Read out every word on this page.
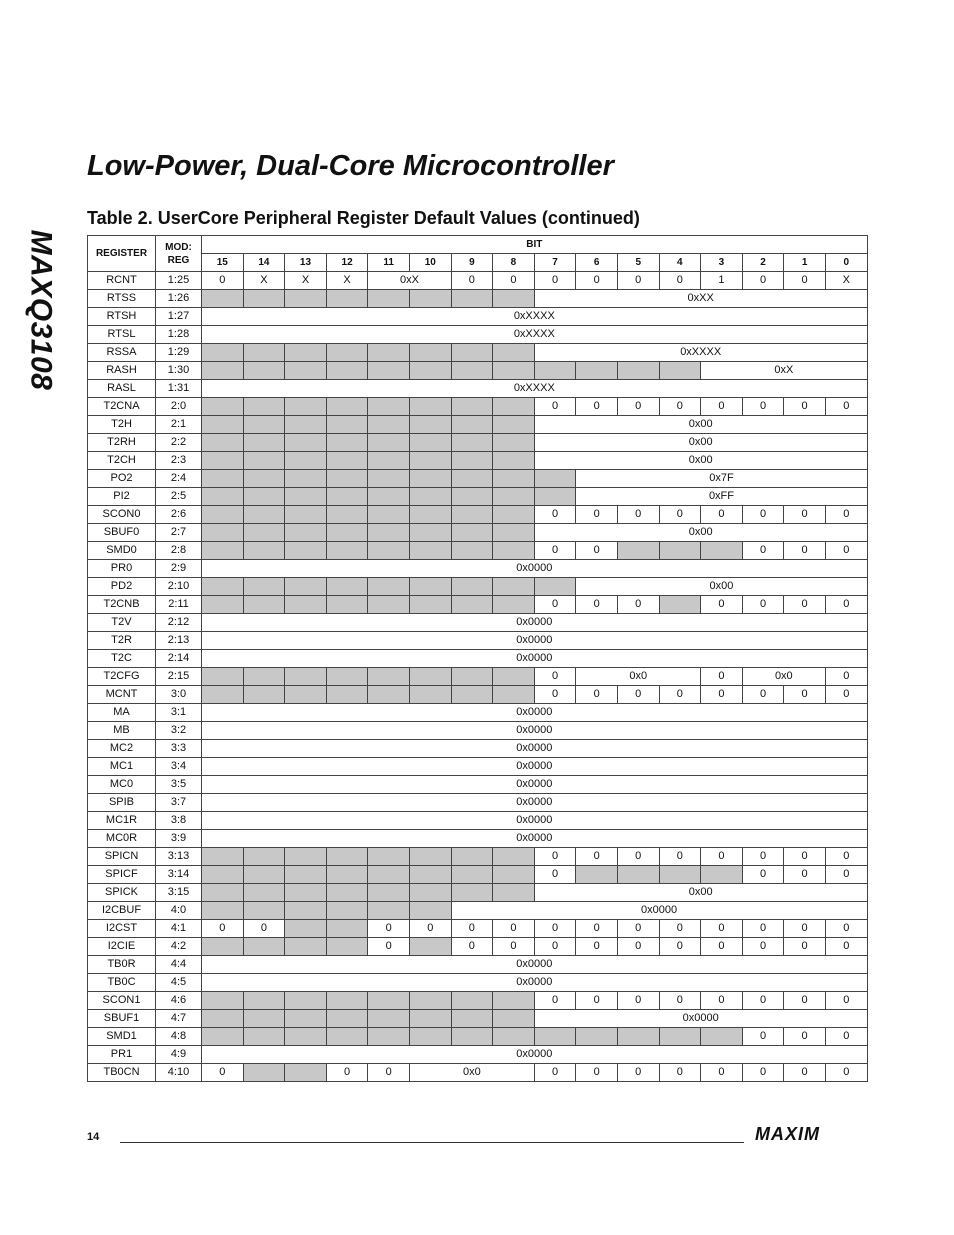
MAXQ3108
Low-Power, Dual-Core Microcontroller
Table 2. UserCore Peripheral Register Default Values (continued)
REGISTER	MOD: REG	BIT															
		15	14	13	12	11	10	9	8	7	6	5	4	3	2	1	0
RCNT	1:25	0	X	X	X	0xX		0	0	0	0	0	0	1	0	0	X
RTSS	1:26									0xXX							
RTSH	1:27	0xXXXX															
RTSL	1:28	0xXXXX															
RSSA	1:29									0xXXXX							
RASH	1:30													0xX			
RASL	1:31	0xXXXX															
T2CNA	2:0									0	0	0	0	0	0	0	0
T2H	2:1									0x00							
T2RH	2:2									0x00							
T2CH	2:3									0x00							
PO2	2:4										0x7F						
PI2	2:5										0xFF						
SCON0	2:6									0	0	0	0	0	0	0	0
SBUF0	2:7									0x00							
SMD0	2:8									0	0				0	0	0
PR0	2:9	0x0000															
PD2	2:10										0x00						
T2CNB	2:11									0	0	0		0	0	0	0
T2V	2:12	0x0000															
T2R	2:13	0x0000															
T2C	2:14	0x0000															
T2CFG	2:15									0	0x0			0	0x0		0
MCNT	3:0									0	0	0	0	0	0	0	0
MA	3:1	0x0000															
MB	3:2	0x0000															
MC2	3:3	0x0000															
MC1	3:4	0x0000															
MC0	3:5	0x0000															
SPIB	3:7	0x0000															
MC1R	3:8	0x0000															
MC0R	3:9	0x0000															
SPICN	3:13									0	0	0	0	0	0	0	0
SPICF	3:14									0					0	0	0
SPICK	3:15									0x00							
I2CBUF	4:0							0x0000									
I2CST	4:1	0	0			0	0	0	0	0	0	0	0	0	0	0	0
I2CIE	4:2					0		0	0	0	0	0	0	0	0	0	0
TB0R	4:4	0x0000															
TB0C	4:5	0x0000															
SCON1	4:6									0	0	0	0	0	0	0	0
SBUF1	4:7									0x0000							
SMD1	4:8														0	0	0
PR1	4:9	0x0000															
TB0CN	4:10	0			0	0	0x0			0	0	0	0	0	0	0	0
14	MAXIM
